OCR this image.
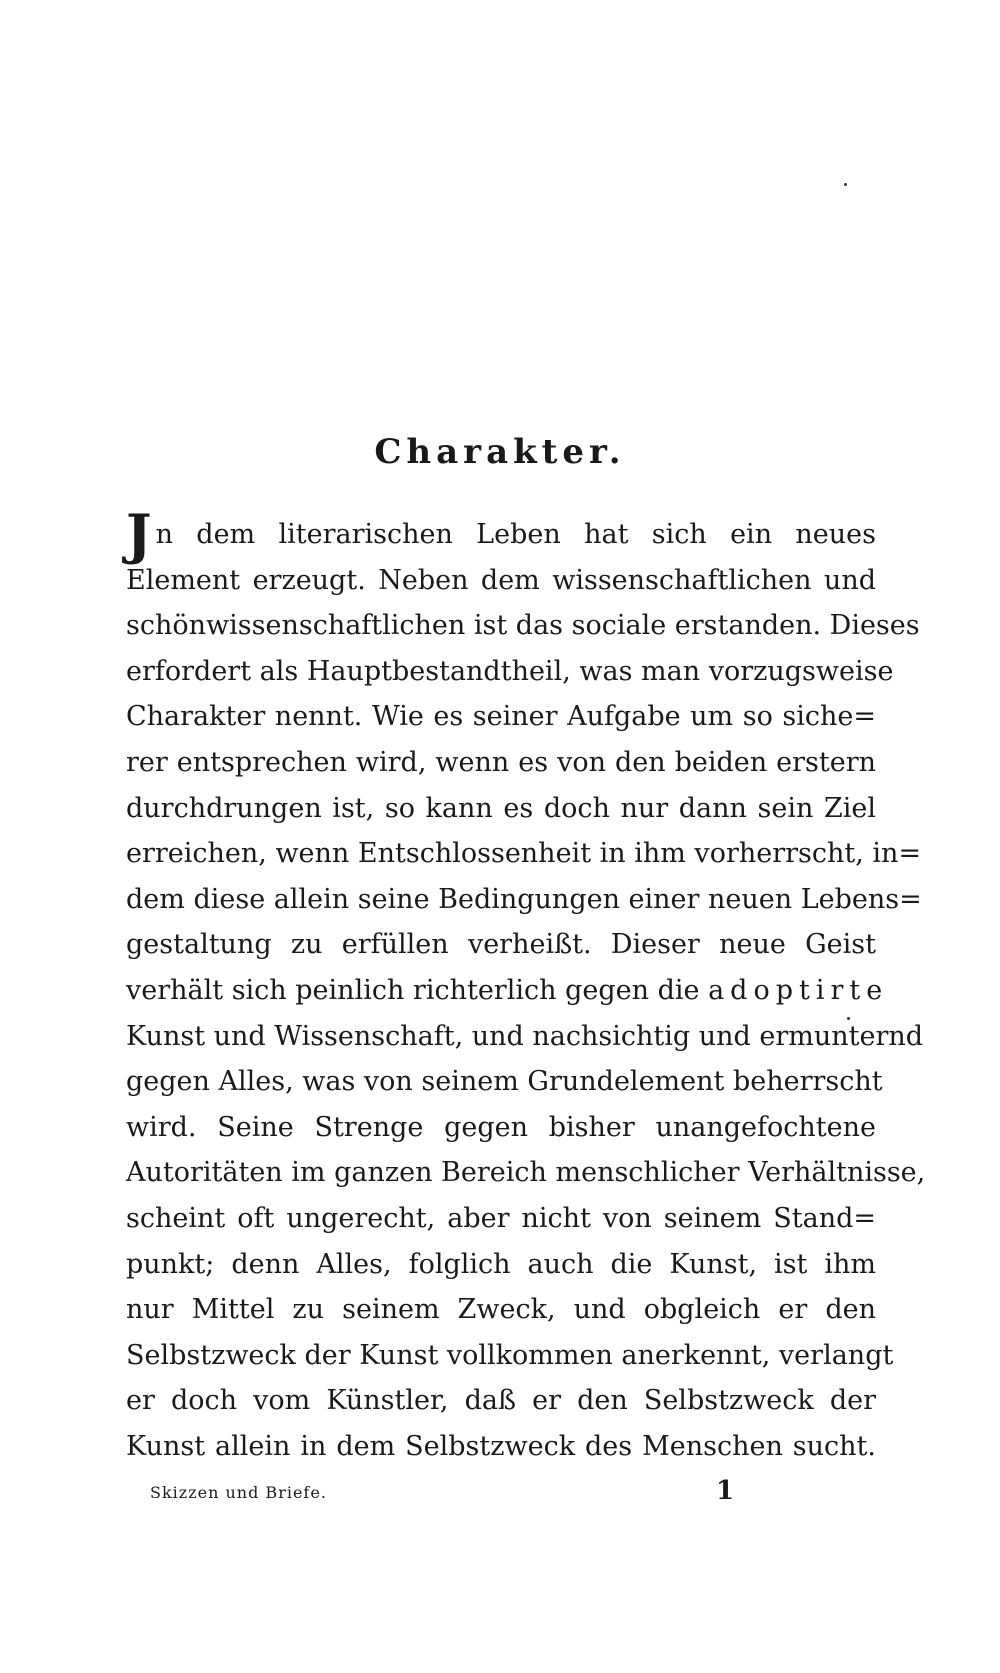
Charakter.
Jn dem literarischen Leben hat sich ein neues
Element erzeugt. Neben dem wissenschaftlichen und
schönwissenschaftlichen ist das sociale erstanden. Dieses
erfordert als Hauptbestandtheil, was man vorzugsweise
Charakter nennt. Wie es seiner Aufgabe um so siche=
rer entsprechen wird, wenn es von den beiden erstern
durchdrungen ist, so kann es doch nur dann sein Ziel
erreichen, wenn Entschlossenheit in ihm vorherrscht, in=
dem diese allein seine Bedingungen einer neuen Lebens=
gestaltung zu erfüllen verheißt. Dieser neue Geist
verhält sich peinlich richterlich gegen die adoptirte
Kunst und Wissenschaft, und nachsichtig und ermunternd
gegen Alles, was von seinem Grundelement beherrscht
wird. Seine Strenge gegen bisher unangefochtene
Autoritäten im ganzen Bereich menschlicher Verhältnisse,
scheint oft ungerecht, aber nicht von seinem Stand=
punkt; denn Alles, folglich auch die Kunst, ist ihm
nur Mittel zu seinem Zweck, und obgleich er den
Selbstzweck der Kunst vollkommen anerkennt, verlangt
er doch vom Künstler, daß er den Selbstzweck der
Kunst allein in dem Selbstzweck des Menschen sucht.
Skizzen und Briefe.	1
